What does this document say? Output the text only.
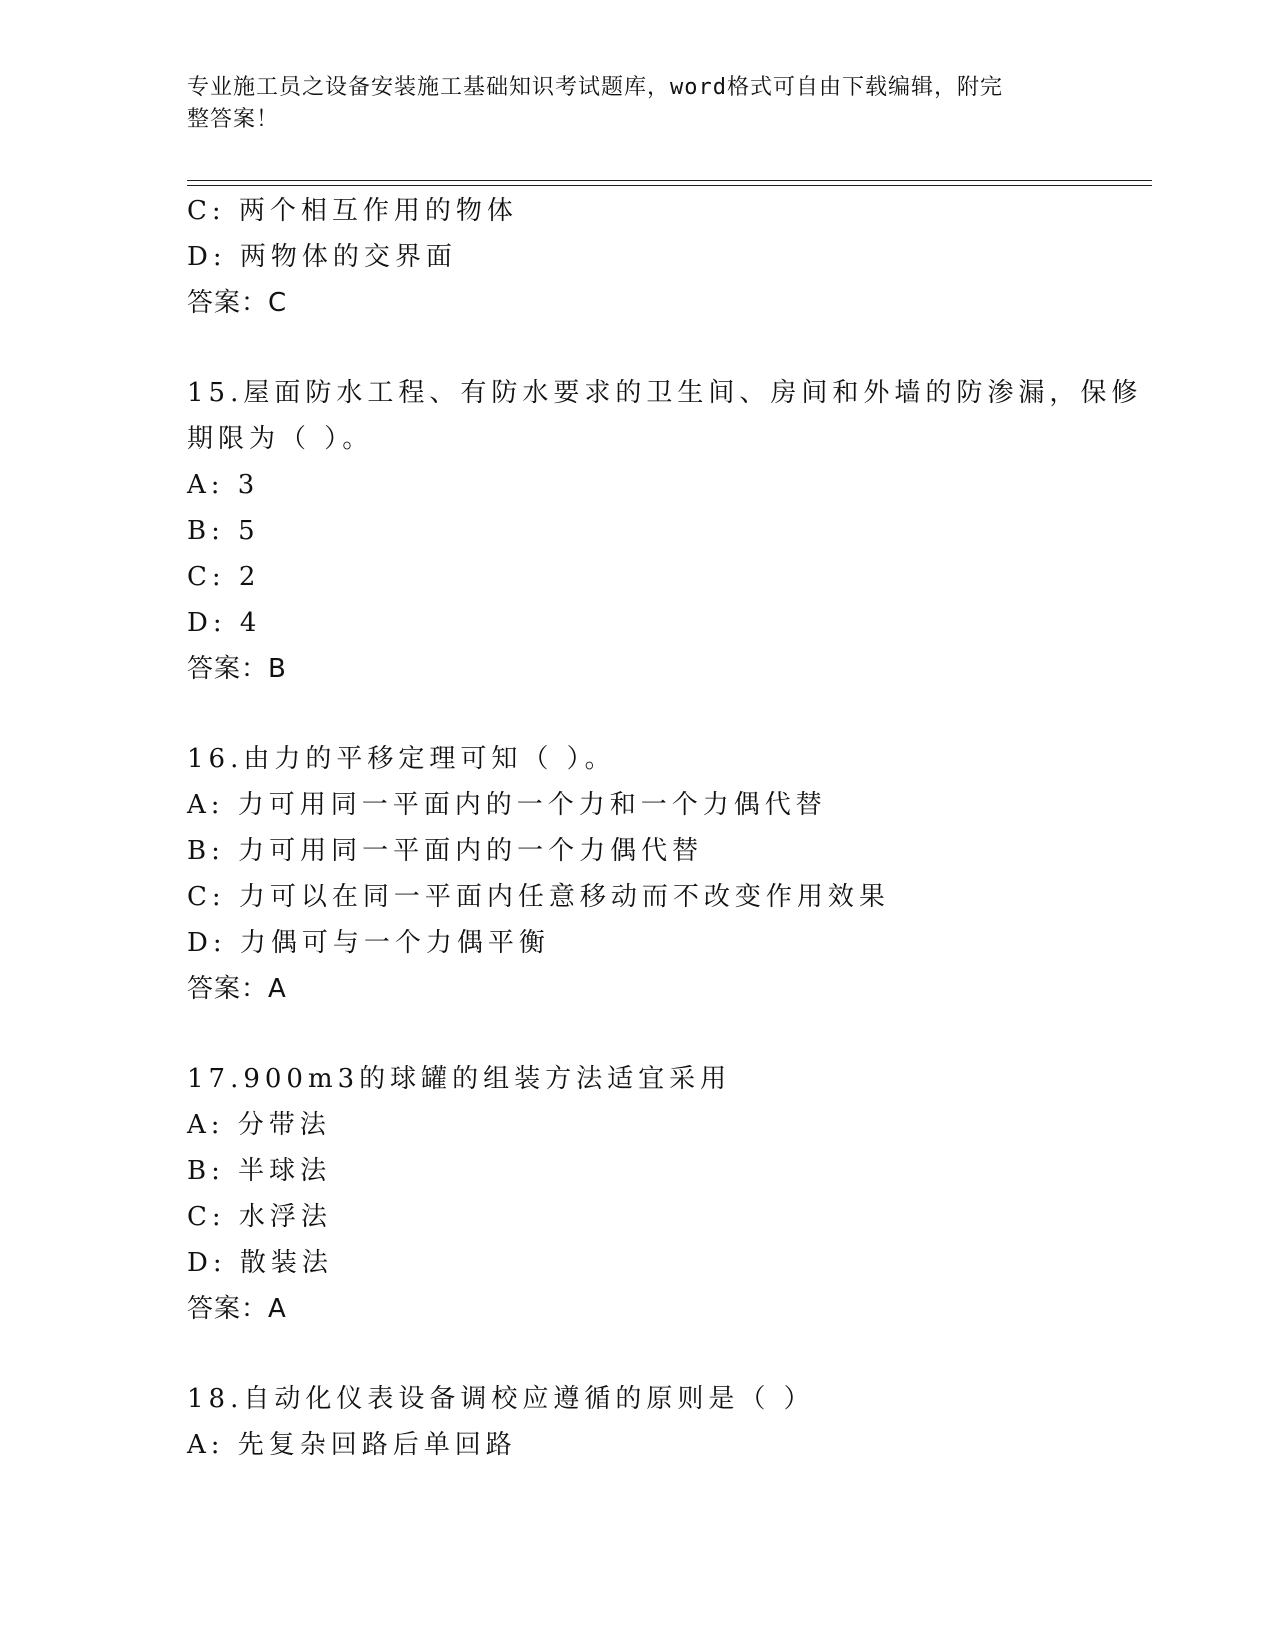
专业施工员之设备安装施工基础知识考试题库，word格式可自由下载编辑，附完
整答案！
C: 两个相互作用的物体
D: 两物体的交界面
答案：C
15.屋面防水工程、有防水要求的卫生间、房间和外墙的防渗漏，保修
期限为（ ）。
A: 3
B: 5
C: 2
D: 4
答案：B
16.由力的平移定理可知（ ）。
A: 力可用同一平面内的一个力和一个力偶代替
B: 力可用同一平面内的一个力偶代替
C: 力可以在同一平面内任意移动而不改变作用效果
D: 力偶可与一个力偶平衡
答案：A
17.900m3的球罐的组装方法适宜采用
A: 分带法
B: 半球法
C: 水浮法
D: 散装法
答案：A
18.自动化仪表设备调校应遵循的原则是（ ）
A: 先复杂回路后单回路
